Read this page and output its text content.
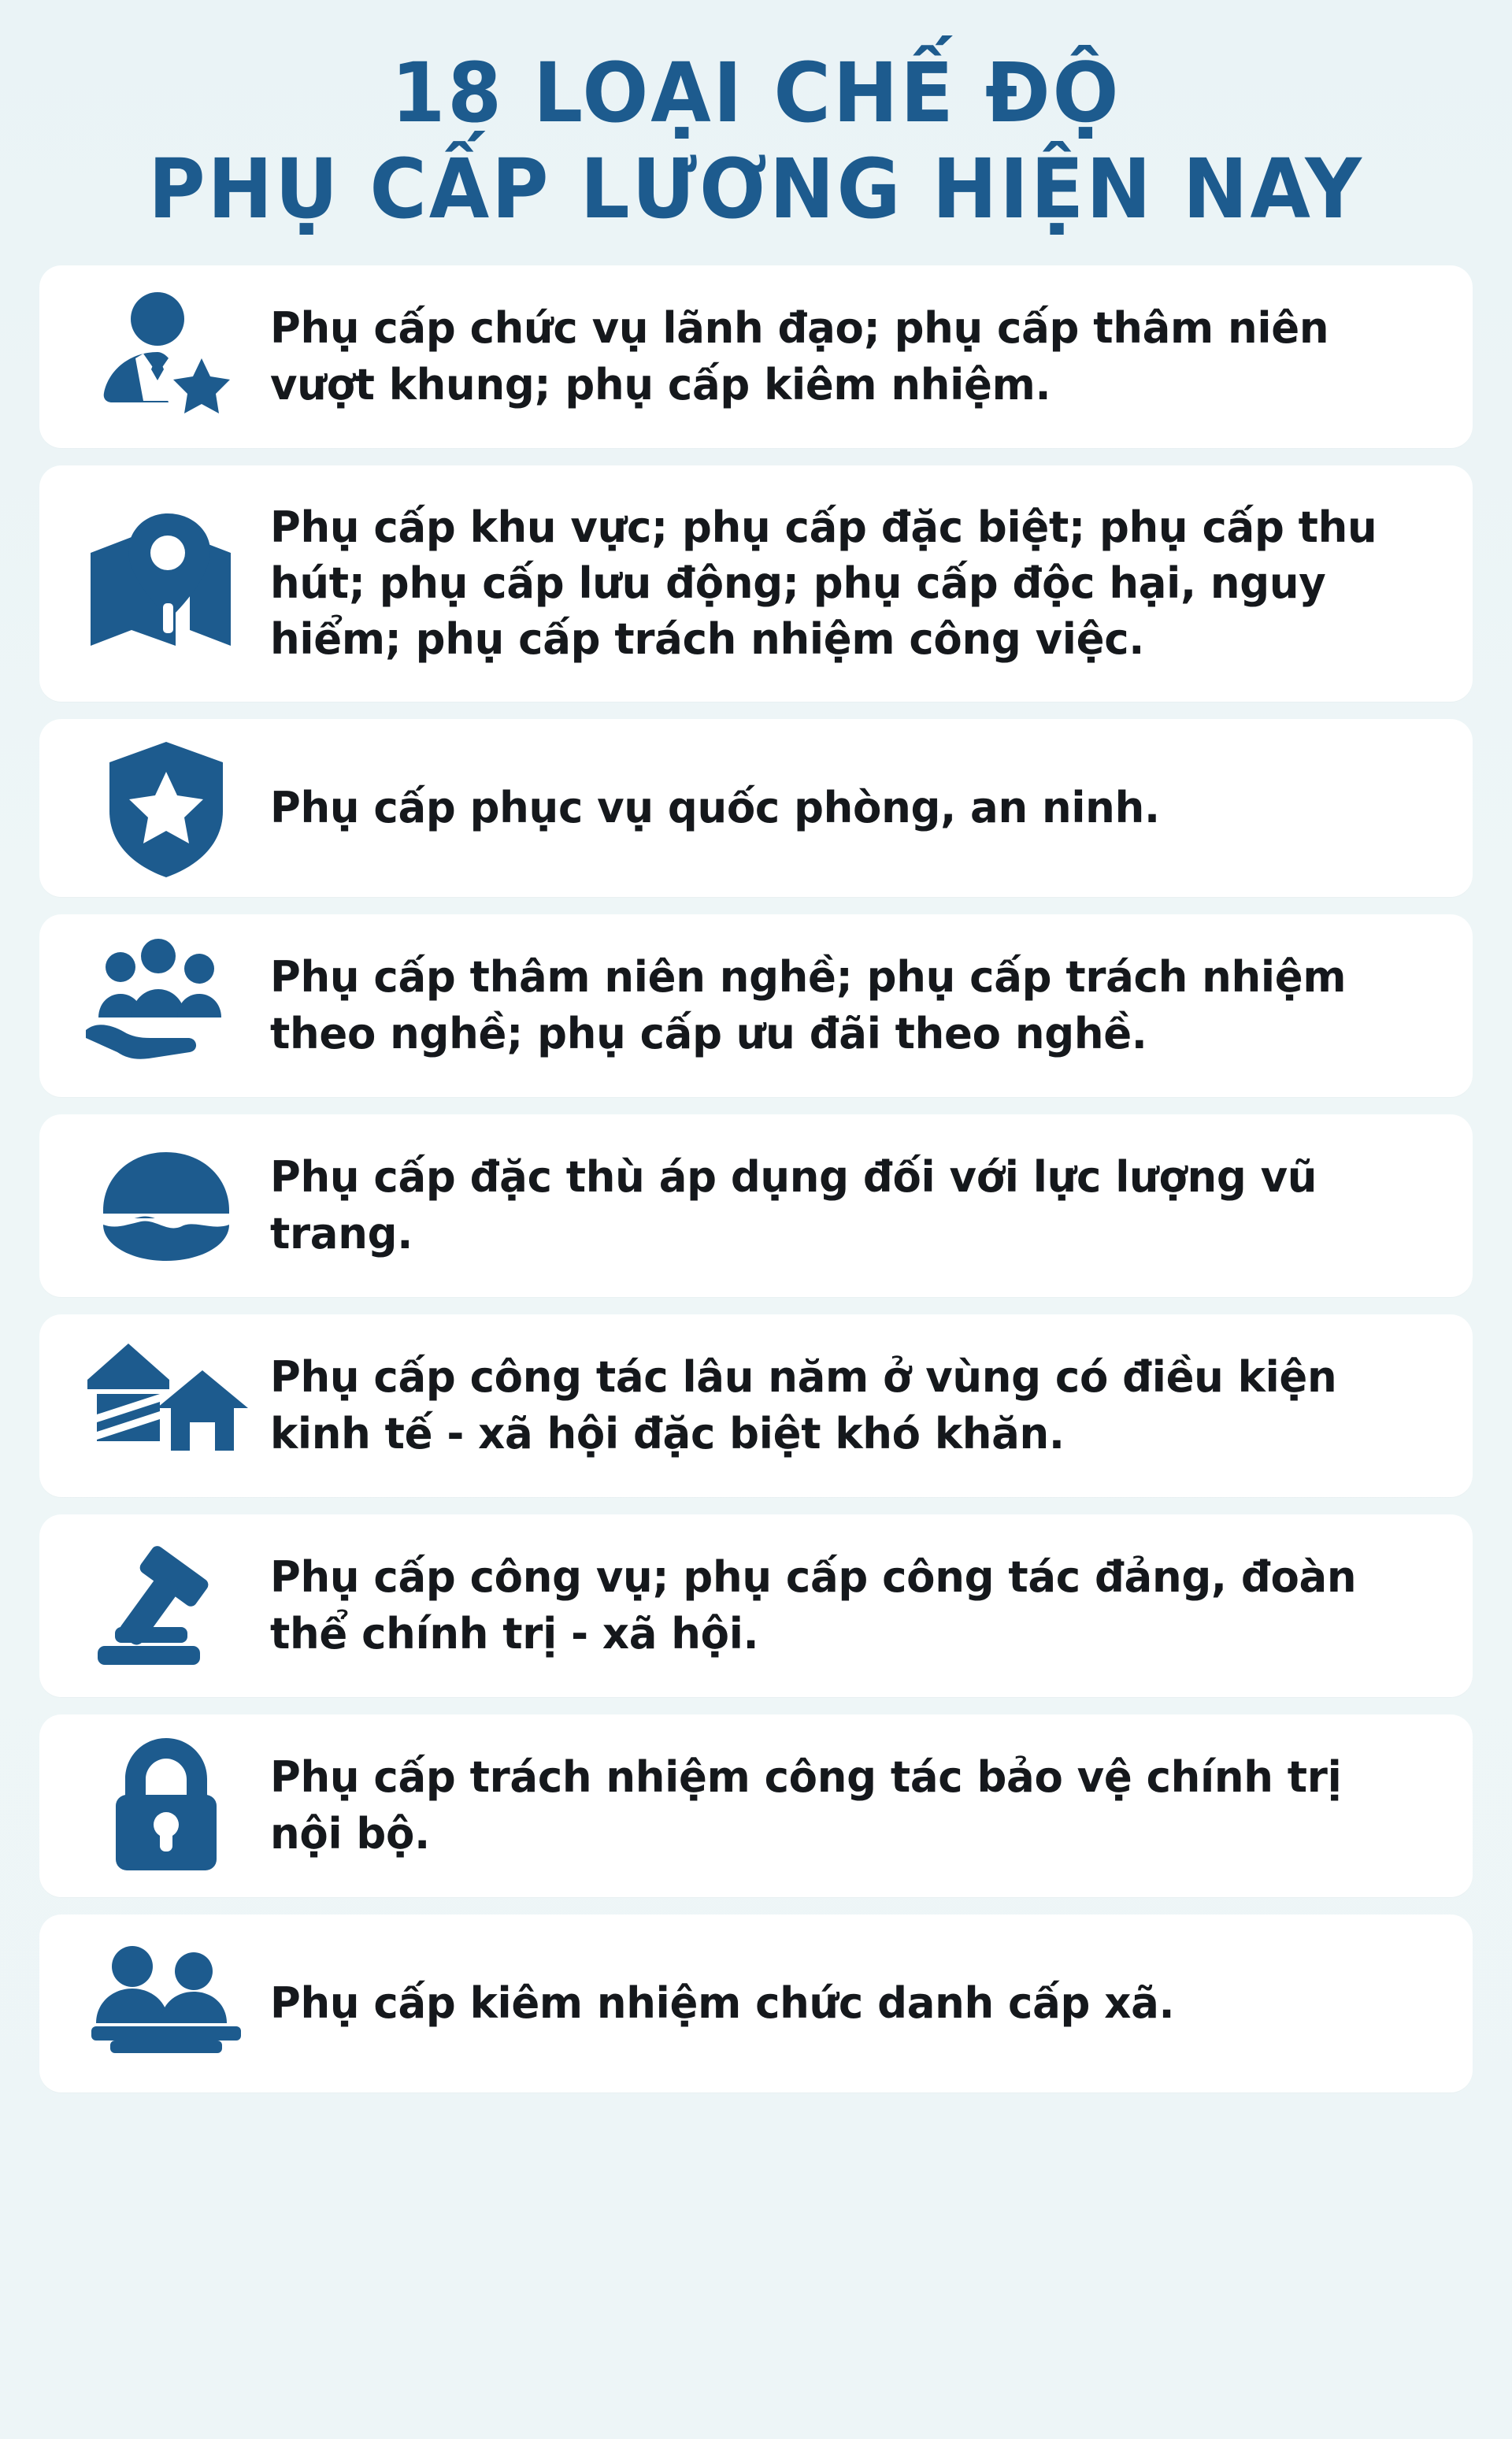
18 LOẠI CHẾ ĐỘ
PHỤ CẤP LƯƠNG HIỆN NAY
Phụ cấp chức vụ lãnh đạo; phụ cấp thâm niên vượt khung; phụ cấp kiêm nhiệm.
Phụ cấp khu vực; phụ cấp đặc biệt; phụ cấp thu hút; phụ cấp lưu động; phụ cấp độc hại, nguy hiểm; phụ cấp trách nhiệm công việc.
Phụ cấp phục vụ quốc phòng, an ninh.
Phụ cấp thâm niên nghề; phụ cấp trách nhiệm theo nghề; phụ cấp ưu đãi theo nghề.
Phụ cấp đặc thù áp dụng đối với lực lượng vũ trang.
Phụ cấp công tác lâu năm ở vùng có điều kiện kinh tế - xã hội đặc biệt khó khăn.
Phụ cấp công vụ; phụ cấp công tác đảng, đoàn thể chính trị - xã hội.
Phụ cấp trách nhiệm công tác bảo vệ chính trị nội bộ.
Phụ cấp kiêm nhiệm chức danh cấp xã.
